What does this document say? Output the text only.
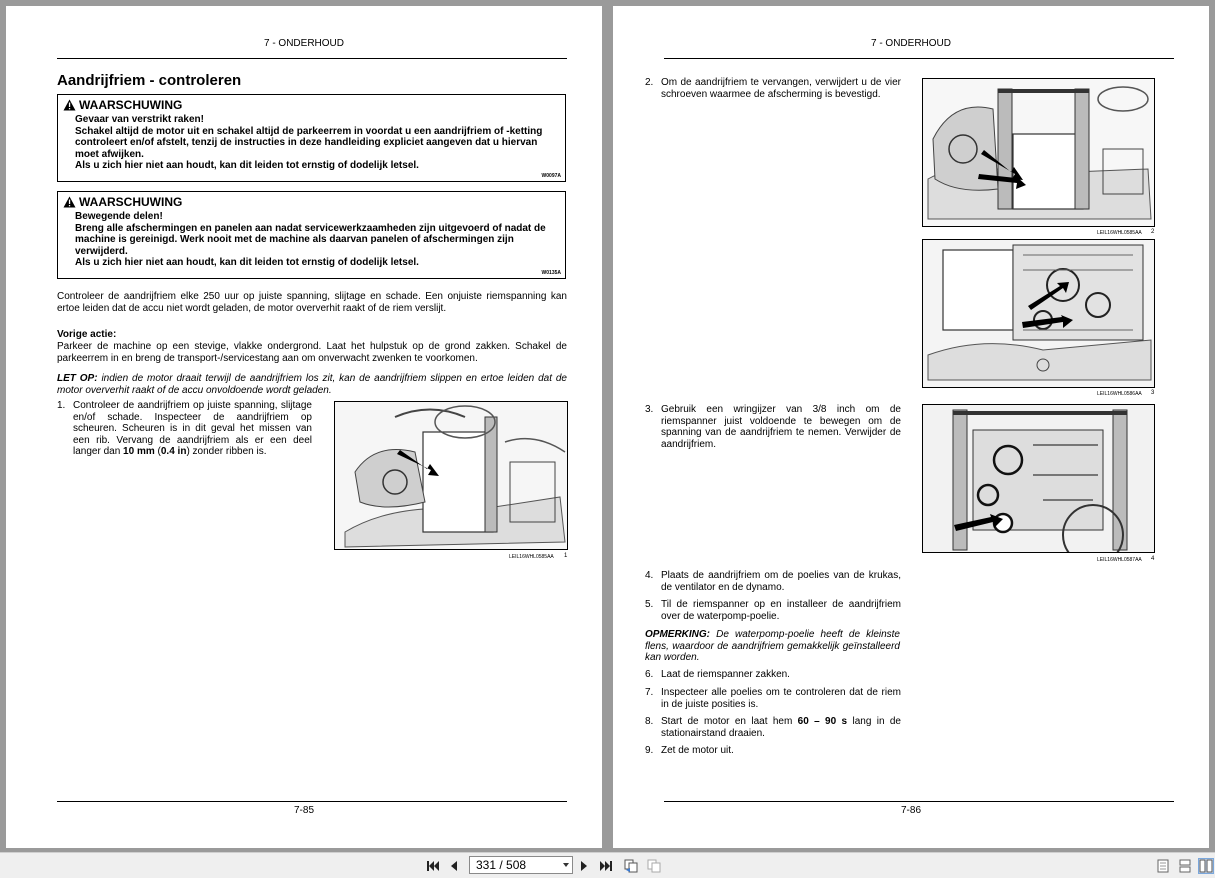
7 - ONDERHOUD
Aandrijfriem - controleren
WAARSCHUWING

Gevaar van verstrikt raken!

Schakel altijd de motor uit en schakel altijd de parkeerrem in voordat u een aandrijfriem of -ketting controleert en/of afstelt, tenzij de instructies in deze handleiding expliciet aangeven dat u hiervan moet afwijken.

Als u zich hier niet aan houdt, kan dit leiden tot ernstig of dodelijk letsel.

W0097A
WAARSCHUWING

Bewegende delen!

Breng alle afschermingen en panelen aan nadat servicewerkzaamheden zijn uitgevoerd of nadat de machine is gereinigd. Werk nooit met de machine als daarvan panelen of afschermingen zijn verwijderd.

Als u zich hier niet aan houdt, kan dit leiden tot ernstig of dodelijk letsel.

W0135A

Controleer de aandrijfriem elke 250 uur op juiste spanning, slijtage en schade. Een onjuiste riemspanning kan ertoe leiden dat de accu niet wordt geladen, de motor oververhit raakt of de riem verslijt.

Vorige actie:

Parkeer de machine op een stevige, vlakke ondergrond. Laat het hulpstuk op de grond zakken. Schakel de parkeerrem in en breng de transport-/servicestang aan om onverwacht zwenken te voorkomen.

LET OP: indien de motor draait terwijl de aandrijfriem los zit, kan de aandrijfriem slippen en ertoe leiden dat de motor oververhit raakt of de accu onvoldoende wordt geladen.

1. Controleer de aandrijfriem op juiste spanning, slijtage en/of schade. Inspecteer de aandrijfriem op scheuren. Scheuren is in dit geval het missen van een rib. Vervang de aandrijfriem als er een deel langer dan 10 mm (0.4 in) zonder ribben is.
LEIL16WHL0585AA 1
7-85
7 - ONDERHOUD
2. Om de aandrijfriem te vervangen, verwijdert u de vier schroeven waarmee de afscherming is bevestigd.
LEIL16WHL0585AA 2
LEIL16WHL0586AA 3
3. Gebruik een wringijzer van 3/8 inch om de riemspanner juist voldoende te bewegen om de spanning van de aandrijfriem te nemen. Verwijder de aandrijfriem.
LEIL16WHL0587AA 4
4. Plaats de aandrijfriem om de poelies van de krukas, de ventilator en de dynamo.
5. Til de riemspanner op en installeer de aandrijfriem over de waterpomp-poelie.

OPMERKING: De waterpomp-poelie heeft de kleinste flens, waardoor de aandrijfriem gemakkelijk geïnstalleerd kan worden.

6. Laat de riemspanner zakken.
7. Inspecteer alle poelies om te controleren dat de riem in de juiste posities is.
8. Start de motor en laat hem 60 – 90 s lang in de stationairstand draaien.
9. Zet de motor uit.
7-86
331 / 508
